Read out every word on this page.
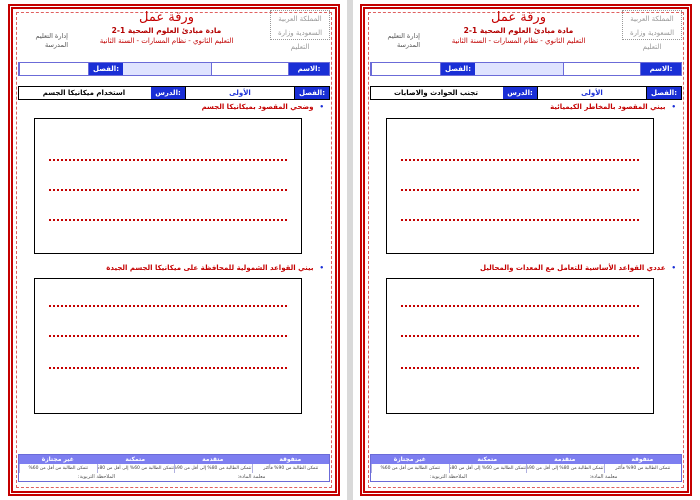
المملكة العربية السعودية وزارة التعليم
إدارة التعليم
المدرسة
ورقة عمل
مادة مبادئ العلوم الصحية 1-2
التعليم الثانوي - نظام المسارات - السنة الثانية
الاسم:
الفصل:
الفصل:
الأولى
الدرس:
استخدام ميكانيكا الجسم
•وضحي المقصود بميكانيكا الجسم
•بيني القواعد الشمولية للمحافظة على ميكانيكا الجسم الجيدة
متفوقة
متقدمة
متمكنة
غير مجتازة
تتمكن الطالبة من 90% فأكثر
تتمكن الطالبة من 80% إلى أقل من 90
تتمكن الطالبة من 60% إلى أقل من 80
تتمكن الطالبة من أقل من 60%
معلمة المادة:
الملاحظة التربوية:
المملكة العربية السعودية وزارة التعليم
إدارة التعليم
المدرسة
ورقة عمل
مادة مبادئ العلوم الصحية 1-2
التعليم الثانوي - نظام المسارات - السنة الثانية
الاسم:
الفصل:
الفصل:
الأولى
الدرس:
تجنب الحوادث والاصابات
•بيني المقصود بالمخاطر الكيميائية
•عددي القواعد الأساسية للتعامل مع المعدات والمحاليل
متفوقة
متقدمة
متمكنة
غير مجتازة
تتمكن الطالبة من 90% فأكثر
تتمكن الطالبة من 80% إلى أقل من 90
تتمكن الطالبة من 60% إلى أقل من 80
تتمكن الطالبة من أقل من 60%
معلمة المادة:
الملاحظة التربوية:
